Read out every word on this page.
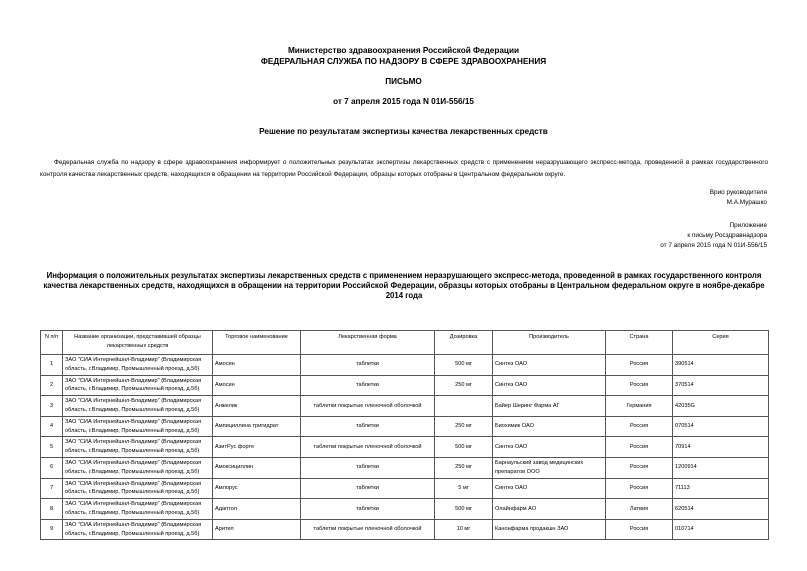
Министерство здравоохранения Российской Федерации
ФЕДЕРАЛЬНАЯ СЛУЖБА ПО НАДЗОРУ В СФЕРЕ ЗДРАВООХРАНЕНИЯ
ПИСЬМО
от 7 апреля 2015 года N 01И-556/15
Решение по результатам экспертизы качества лекарственных средств
Федеральная служба по надзору в сфере здравоохранения информирует о положительных результатах экспертизы лекарственных средств с применением неразрушающего экспресс-метода, проведенной в рамках государственного контроля качества лекарственных средств, находящихся в обращении на территории Российской Федерации, образцы которых отобраны в Центральном федеральном округе.
Врио руководителя
М.А.Мурашко
Приложение
к письму Росздравнадзора
от 7 апреля 2015 года N 01И-556/15
Информация о положительных результатах экспертизы лекарственных средств с применением неразрушающего экспресс-метода, проведенной в рамках государственного контроля качества лекарственных средств, находящихся в обращении на территории Российской Федерации, образцы которых отобраны в Центральном федеральном округе в ноябре-декабре 2014 года
N п/п	Название организации, представившей образцы лекарственных средств	Торговое наименование	Лекарственная форма	Дозировка	Производитель	Страна	Серия
1	ЗАО "СИА Интернейшнл-Владимир" (Владимирская область, г.Владимир, Промышленный проезд, д.5б)	Амосин	таблетки	500 мг	Синтез ОАО	Россия	390514
2	ЗАО "СИА Интернейшнл-Владимир" (Владимирская область, г.Владимир, Промышленный проезд, д.5б)	Амосин	таблетки	250 мг	Синтез ОАО	Россия	370514
3	ЗАО "СИА Интернейшнл-Владимир" (Владимирская область, г.Владимир, Промышленный проезд, д.5б)	Анжелик	таблетки покрытые пленочной оболочкой		Байер Шеринг Фарма АГ	Германия	42035G
4	ЗАО "СИА Интернейшнл-Владимир" (Владимирская область, г.Владимир, Промышленный проезд, д.5б)	Ампициллина тригидрат	таблетки	250 мг	Биохимик ОАО	Россия	070514
5	ЗАО "СИА Интернейшнл-Владимир" (Владимирская область, г.Владимир, Промышленный проезд, д.5б)	АзитРус форте	таблетки покрытые пленочной оболочкой	500 мг	Синтез ОАО	Россия	70914
6	ЗАО "СИА Интернейшнл-Владимир" (Владимирская область, г.Владимир, Промышленный проезд, д.5б)	Амоксициллин	таблетки	250 мг	Барнаульский завод медицинских препаратов ООО	Россия	1200914
7	ЗАО "СИА Интернейшнл-Владимир" (Владимирская область, г.Владимир, Промышленный проезд, д.5б)	Амлорус	таблетки	5 мг	Синтез ОАО	Россия	71113
8	ЗАО "СИА Интернейшнл-Владимир" (Владимирская область, г.Владимир, Промышленный проезд, д.5б)	Адаптол	таблетки	500 мг	Олайнфарм АО	Латвия	620514
9	ЗАО "СИА Интернейшнл-Владимир" (Владимирская область, г.Владимир, Промышленный проезд, д.5б)	Арител	таблетки покрытые пленочной оболочкой	10 мг	Канонфарма продакшн ЗАО	Россия	010714
